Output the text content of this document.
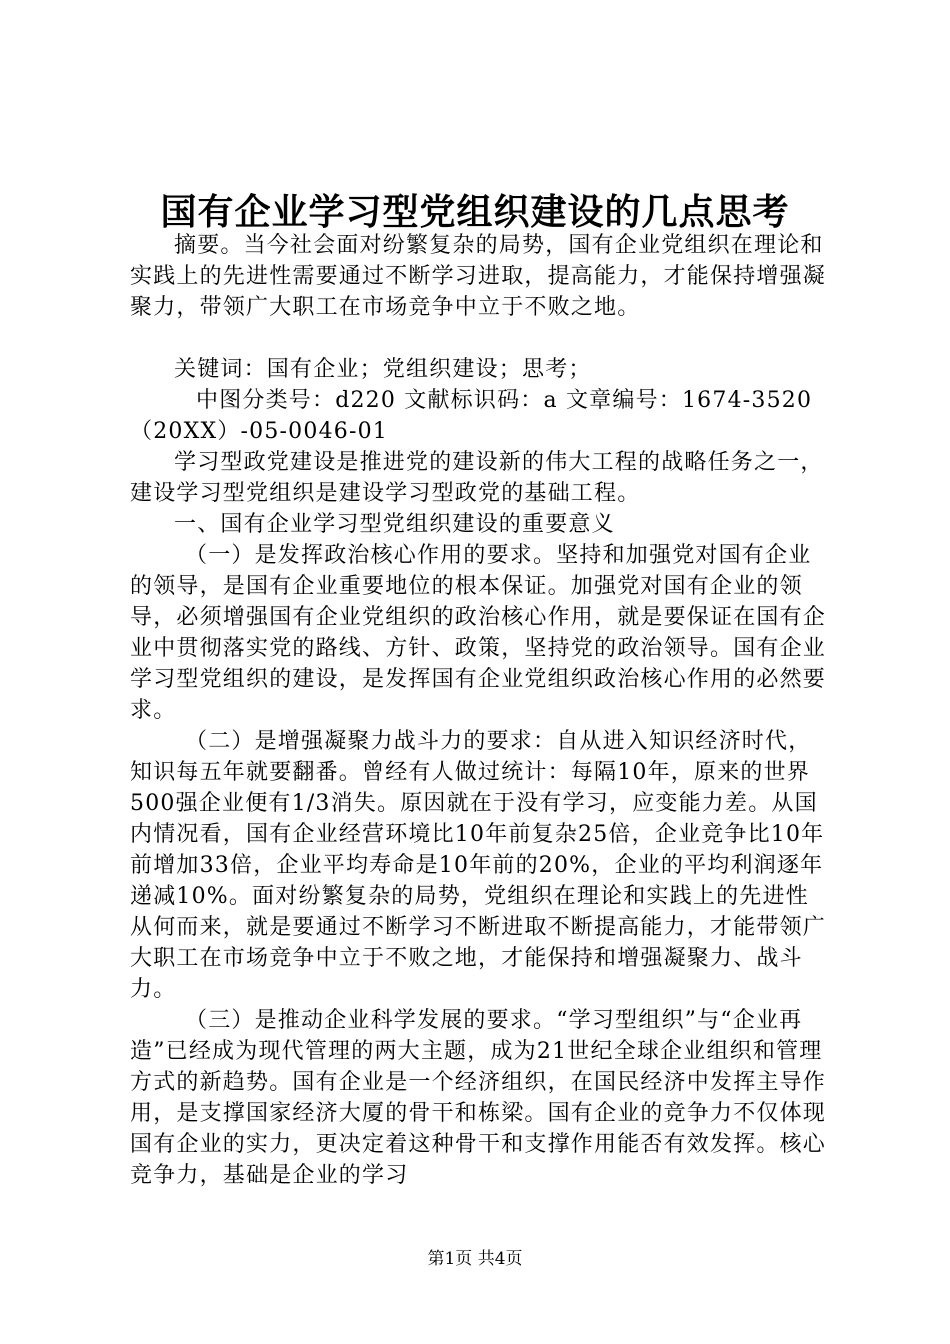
国有企业学习型党组织建设的几点思考

摘要。当今社会面对纷繁复杂的局势，国有企业党组织在理论和实践上的先进性需要通过不断学习进取，提高能力，才能保持增强凝聚力，带领广大职工在市场竞争中立于不败之地。

关键词：国有企业；党组织建设；思考；

中图分类号：d220 文献标识码：a 文章编号：1674-3520（20XX）-05-0046-01

学习型政党建设是推进党的建设新的伟大工程的战略任务之一，建设学习型党组织是建设学习型政党的基础工程。

一、国有企业学习型党组织建设的重要意义

（一）是发挥政治核心作用的要求。坚持和加强党对国有企业的领导，是国有企业重要地位的根本保证。加强党对国有企业的领导，必须增强国有企业党组织的政治核心作用，就是要保证在国有企业中贯彻落实党的路线、方针、政策，坚持党的政治领导。国有企业学习型党组织的建设，是发挥国有企业党组织政治核心作用的必然要求。

（二）是增强凝聚力战斗力的要求：自从进入知识经济时代，知识每五年就要翻番。曾经有人做过统计：每隔10年，原来的世界500强企业便有1/3消失。原因就在于没有学习，应变能力差。从国内情况看，国有企业经营环境比10年前复杂25倍，企业竞争比10年前增加33倍，企业平均寿命是10年前的20%，企业的平均利润逐年递减10%。面对纷繁复杂的局势，党组织在理论和实践上的先进性从何而来，就是要通过不断学习不断进取不断提高能力，才能带领广大职工在市场竞争中立于不败之地，才能保持和增强凝聚力、战斗力。

（三）是推动企业科学发展的要求。“学习型组织”与“企业再造”已经成为现代管理的两大主题，成为21世纪全球企业组织和管理方式的新趋势。国有企业是一个经济组织，在国民经济中发挥主导作用，是支撑国家经济大厦的骨干和栋梁。国有企业的竞争力不仅体现国有企业的实力，更决定着这种骨干和支撑作用能否有效发挥。核心竞争力，基础是企业的学习

第1页 共4页
